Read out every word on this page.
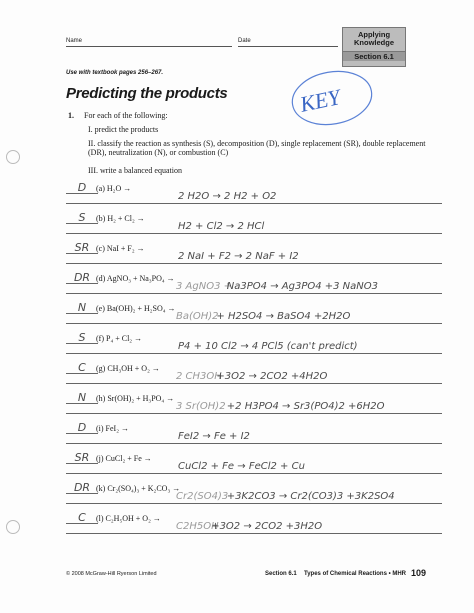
Name	Date
Applying
Knowledge
Section 6.1
Use with textbook pages 256–267.
Predicting the products	KEY
1. For each of the following:
I. predict the products
II. classify the reaction as synthesis (S), decomposition (D), single replacement (SR), double replacement (DR), neutralization (N), or combustion (C)
III. write a balanced equation
D	(a) H₂O →
2 H2O → 2 H2 + O2
S	(b) H₂ + Cl₂ →
H2 + Cl2 → 2 HCl
SR (c) NaI + F₂ →
2 NaI + F2 → 2 NaF + I2
DR (d) AgNO₃ + Na₃PO₄ →
3 AgNO3 +
Na3PO4 → Ag3PO4 +3 NaNO3
N	(e) Ba(OH)₂ + H₂SO₄ →
Ba(OH)2
+ H2SO4 → BaSO4 +2H2O
S	(f) P₄ + Cl₂ →
P4 + 10 Cl2 → 4 PCl5 (can't predict)
C	(g) CH₃OH + O₂ →
2 CH3OH
+3O2 → 2CO2 +4H2O
N	(h) Sr(OH)₂ + H₃PO₄ →
3 Sr(OH)2 +2 H3PO4 → Sr3(PO4)2 +6H2O
D	(i) FeI₂ →
FeI2 → Fe + I2
SR (j) CuCl₂ + Fe →
CuCl2 + Fe → FeCl2 + Cu
DR (k) Cr₂(SO₄)₃ + K₂CO₃ →
Cr2(SO4)3
+3K2CO3 → Cr2(CO3)3 +3K2SO4
C	(l) C₂H₅OH + O₂ →
C2H5OH
+3O2 → 2CO2 +3H2O
© 2008 McGraw-Hill Ryerson Limited	Section 6.1 Types of Chemical Reactions • MHR 109
